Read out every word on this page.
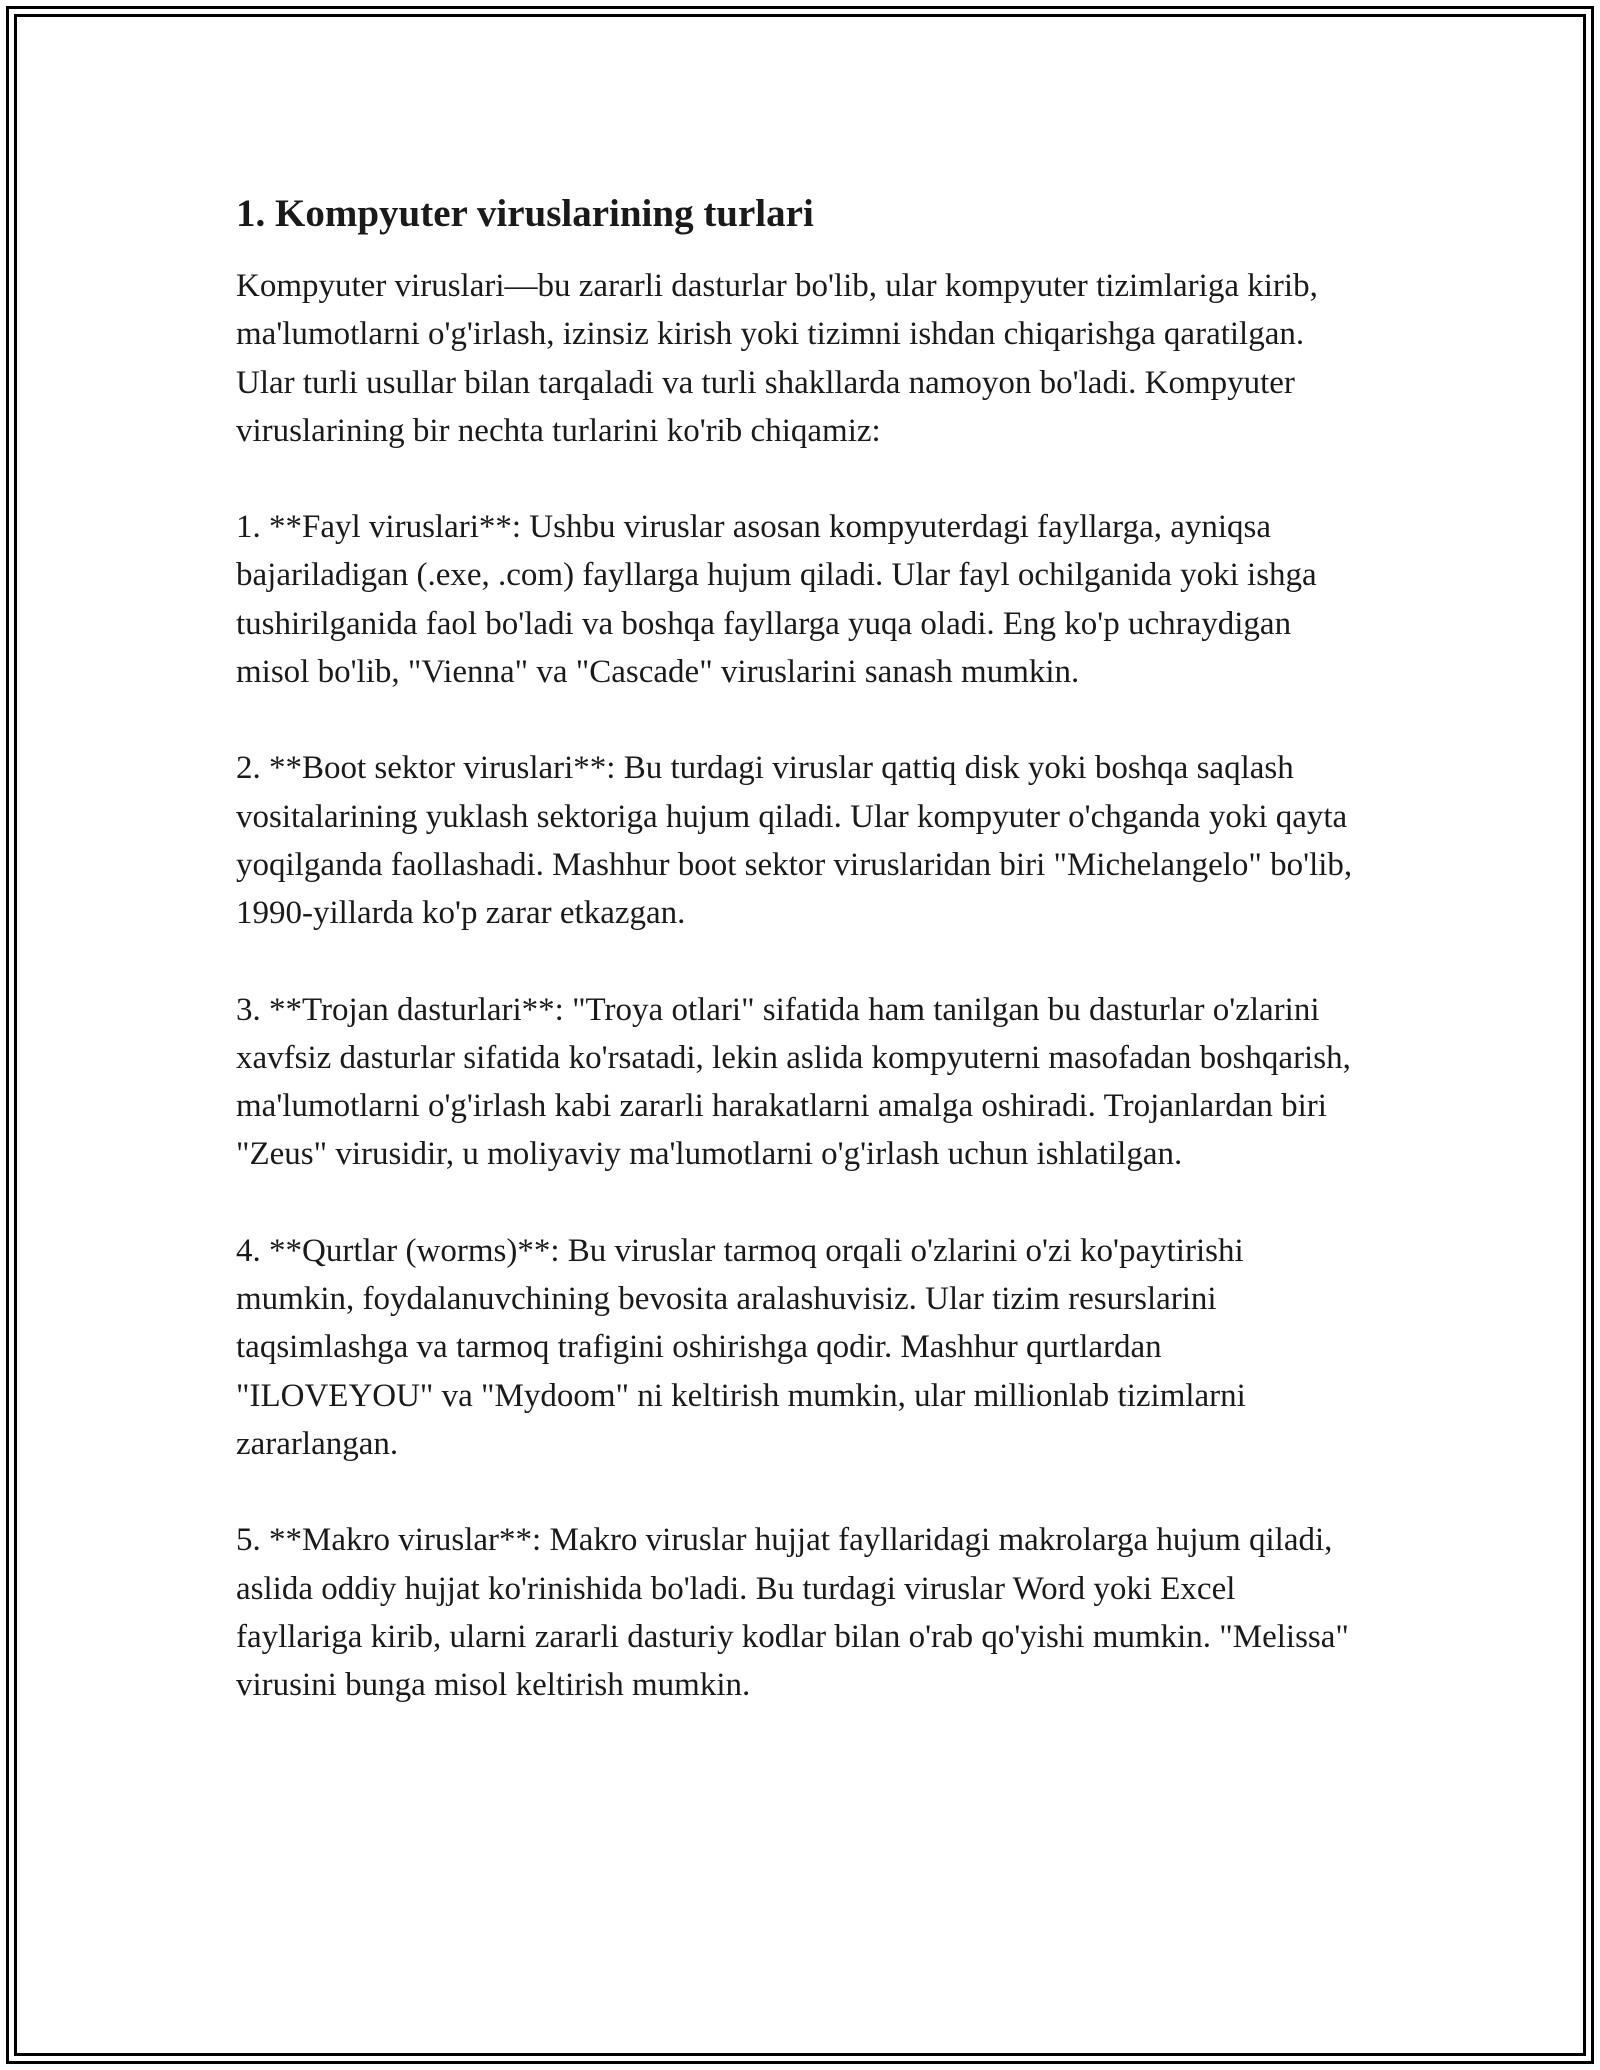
1. Kompyuter viruslarining turlari

Kompyuter viruslari—bu zararli dasturlar bo'lib, ular kompyuter tizimlariga kirib, ma'lumotlarni o'g'irlash, izinsiz kirish yoki tizimni ishdan chiqarishga qaratilgan. Ular turli usullar bilan tarqaladi va turli shakllarda namoyon bo'ladi. Kompyuter viruslarining bir nechta turlarini ko'rib chiqamiz:

1. **Fayl viruslari**: Ushbu viruslar asosan kompyuterdagi fayllarga, ayniqsa bajariladigan (.exe, .com) fayllarga hujum qiladi. Ular fayl ochilganida yoki ishga tushirilganida faol bo'ladi va boshqa fayllarga yuqa oladi. Eng ko'p uchraydigan misol bo'lib, "Vienna" va "Cascade" viruslarini sanash mumkin.

2. **Boot sektor viruslari**: Bu turdagi viruslar qattiq disk yoki boshqa saqlash vositalarining yuklash sektoriga hujum qiladi. Ular kompyuter o'chganda yoki qayta yoqilganda faollashadi. Mashhur boot sektor viruslaridan biri "Michelangelo" bo'lib, 1990-yillarda ko'p zarar etkazgan.

3. **Trojan dasturlari**: "Troya otlari" sifatida ham tanilgan bu dasturlar o'zlarini xavfsiz dasturlar sifatida ko'rsatadi, lekin aslida kompyuterni masofadan boshqarish, ma'lumotlarni o'g'irlash kabi zararli harakatlarni amalga oshiradi. Trojanlardan biri "Zeus" virusidir, u moliyaviy ma'lumotlarni o'g'irlash uchun ishlatilgan.

4. **Qurtlar (worms)**: Bu viruslar tarmoq orqali o'zlarini o'zi ko'paytirishi mumkin, foydalanuvchining bevosita aralashuvisiz. Ular tizim resurslarini taqsimlashga va tarmoq trafigini oshirishga qodir. Mashhur qurtlardan "ILOVEYOU" va "Mydoom" ni keltirish mumkin, ular millionlab tizimlarni zararlangan.

5. **Makro viruslar**: Makro viruslar hujjat fayllaridagi makrolarga hujum qiladi, aslida oddiy hujjat ko'rinishida bo'ladi. Bu turdagi viruslar Word yoki Excel fayllariga kirib, ularni zararli dasturiy kodlar bilan o'rab qo'yishi mumkin. "Melissa" virusini bunga misol keltirish mumkin.
